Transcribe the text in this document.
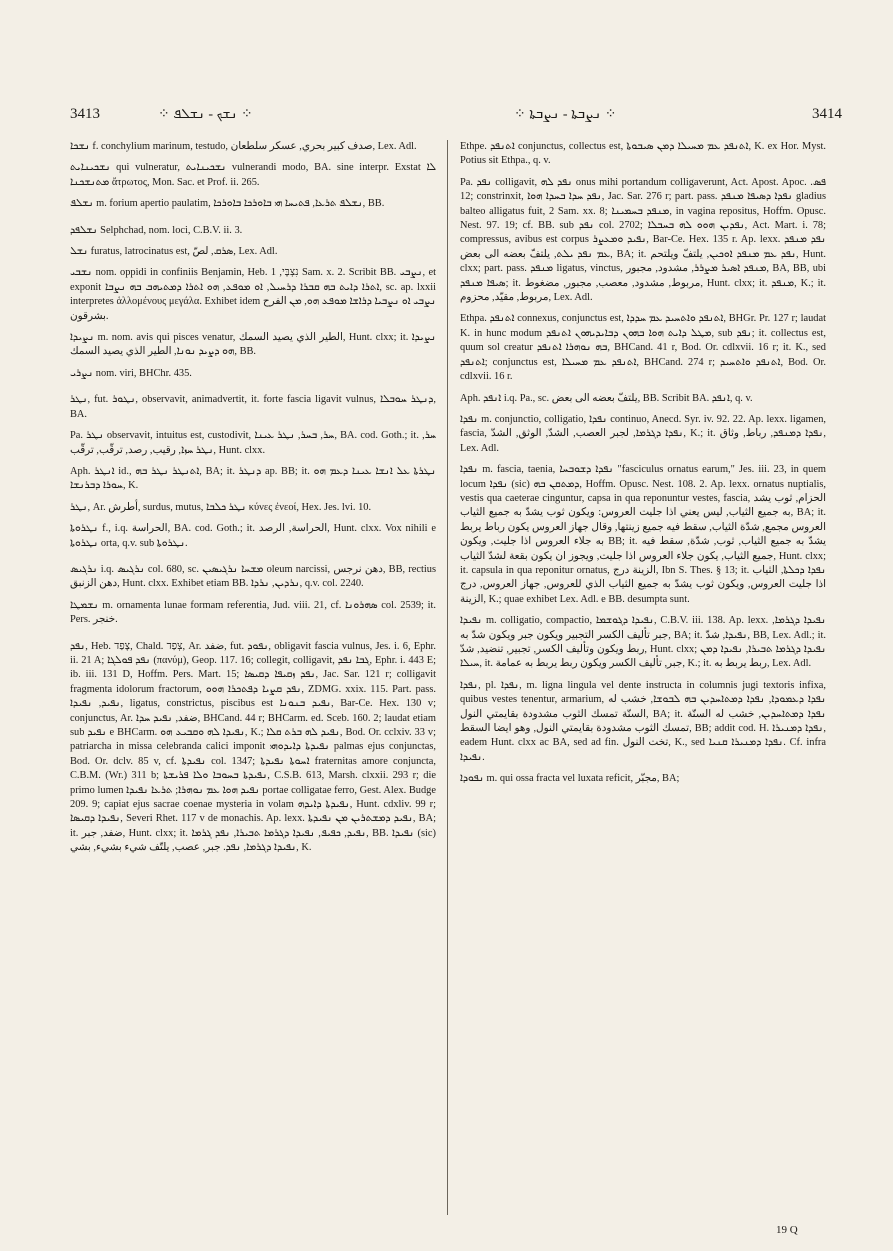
3413	⁘ ܢܫܟ - ܢܫܠܦ ⁘	⁘ ܢܨܒܬܐ - ܢܨܒܬܐ ⁘	3414

ܢܫܟܐ f. conchylium marinum, testudo, صدف كبير بحري, عسكر سلطعان, Lex. Adl.

ܢܫܟܝܢܐܝܬ qui vulneratur, ܢܫܟܝܢܐܝܬ vulnerandi modo, BA. sine interpr. Exstat ܠܐ ܡܬܢܫܟܢܐ ἄτρωτος, Mon. Sac. et Prof. ii. 265.

ܢܫܠܦ m. forium apertio paulatim, ܢܫܠܦ ܬܪܥܐ, ܦܬܝܚܐ ܗܝ ܒܐܘܪܟܐ ܒܐܘܪܟܐ, BB.

ܢܫܠܦܕ Selphchad, nom. loci, C.B.V. ii. 3.

ܢܫܠ furatus, latrocinatus est, ܣܪܩ, لصّ, Lex. Adl.

ܢܫܒܝ nom. oppidi in confiniis Benjamin, Heb. נִצְבָּי, 1 Sam. x. 2. Scribit BB. ܢܨܒܝ, et exponit ܐܬܪܐ ܕܐܝܬ ܒܗ ܩܒܪܐ ܕܪܚܝܠ, ܐܘ ܡܘܦܥ, ܗܘ ܐܬܪܐ ܕܡܬܝܗܒ ܒܗ ܢܨܒܐ, sc. ap. lxxii interpretes ἁλλομένους μεγάλα. Exhibet idem ܢܨܒܝ ܐܘ ܢܨܒܝܐ ܕܪܐܫܐ ܡܘܦܥ ܗܘ, ܡܢ الفرح بشرقون.

ܢܨܝܕܐ m. nom. avis qui pisces venatur, الطير الذي يصيد السمك, Hunt. clxx; it. ܢܨܝܕܐ ܗܘ ܕܨܝܕ ܢܘܢܐ, الطير الذي يصيد السمك, BB.

ܢܨܪܝ nom. viri, BHChr. 435.

ܢܛܪ, fut. ܢܛܘܪ, observavit, animadvertit, it. forte fascia ligavit vulnus, ܕܢܛܪ ܚܘܒܠܐ, BA.

Pa. ܢܛܪ observavit, intuitus est, custodivit, ܚܪ, ܒܚܪ, ܢܛܪ ܥܝܢܐ, BA. cod. Goth.; it. ܚܪ, ܢܛܪ ܚܙܐ, رقيب, رصد, ترقّب, ترقّب, Hunt. clxx.

Aph. ܐܢܛܪ id., ܐܬܢܛܪ ܢܛܪ ܒܗ, BA; it. ܕܢܛܪ ap. BB; it. ܢܛܪܬܐ ܥܠ ܐܢܫܐ ܥܝܢܐ ܕܥܡ ܗܘ ܚܘܪܐ ܕܒܪܢܫܐ, K.

ܢܛܪ, Ar. أطرش, surdus, mutus, ܢܛܪ ܟܠܒܐ κύνες ἐνεοί, Hex. Jes. lvi. 10.

ܢܛܪܘܬܐ f., i.q. الحراسة, BA. cod. Goth.; it. الحراسة, الرصد, Hunt. clxx. Vox nihili e ܢܛܪܘܬܐ orta, q.v. sub ܢܛܪܘܬܐ.

ܢܪܓܝܣ i.q. ܢܪܓܝܣ col. 680, sc. ܡܫܚܐ ܢܪܓܝܣܝܢ oleum narcissi, دهن نرجس, BB, rectius دهن الزنبق, Hunt. clxx. Exhibet etiam BB. ܢܪܕܝܢ, ܢܪܕܐ, q.v. col. 2240.

ܢܫܡܛܐ m. ornamenta lunae formam referentia, Jud. viii. 21, cf. ܣܗܪܘܢܐ col. 2539; it. Pers. خنجر.

ܢܦܕ, Heb. צָפַד, Chald. צְפַד, Ar. ضفد, fut. ܢܦܘܕ, obligavit fascia vulnus, Jes. i. 6, Ephr. ii. 21 A; ܢܦܕ ܦܘܠܓܐ (πανύμ), Geop. 117. 16; collegit, colligavit, ܓܒܐ ܢܦܕ, Ephr. i. 443 E; ib. iii. 131 D, Hoffm. Pers. Mart. 15; ܢܦܕ ܙܩܝܦܐ ܕܩܝܣܐ, Jac. Sar. 121 r; colligavit fragmenta idolorum fractorum, ܢܦܕ ܩܨܝܐ ܕܦܬܟܪܐ ܗܘܘ, ZDMG. xxix. 115. Part. pass. ܢܦܝܕ, ܢܦܝܕܐ, ligatus, constrictus, piscibus est ܢܦܝܕ ܒܢܘܢܐ, Bar-Ce. Hex. 130 v; conjunctus, Ar. ضفد, ܢܦܝܕ ܚܕܐ, BHCand. 44 r; BHCarm. ed. Sceb. 160. 2; laudat etiam sub ܢܦܝܕ e BHCarm. ܢܦܝܕܐ ܠܗ ܘܩܒܝܥ ܗܘ, K.; ܢܦܝܕ ܠܗ ܒܪܬ ܩܠܐ, Bod. Or. cclxiv. 33 v; patriarcha in missa celebranda calici imponit ܢܦܝܕܬܐ ܕܐܝܕܘܗܝ palmas ejus conjunctas, Bod. Or. dclv. 85 v, cf. ܢܦܝܕܬܐ col. 1347; ܐܚܘܬܐ ܢܦܝܕܬܐ fraternitas amore conjuncta, C.B.M. (Wr.) 311 b; ܢܦܝܕܬܐ ܒܚܘܒܐ ܘܠܐ ܦܪܝܫܬܐ, C.S.B. 613, Marsh. clxxii. 293 r; die primo lumen ܢܦܝܕ ܗܘܐ ܥܡ ܢܘܗܪܐ; ܬܪܥܐ ܢܦܝܕܐ portae colligatae ferro, Gest. Alex. Budge 209. 9; capiat ejus sacrae coenae mysteria in volam ܢܦܝܕܬܐ ܕܐܝܕܗ, Hunt. cdxliv. 99 r; ܢܦܝܕܐ ܕܩܝܣܐ, Severi Rhet. 117 v de monachis. Ap. lexx. ܢܦܝܕ ܕܡܫܬܪܝܢ ܡܢ ܢܦܝܕܬܐ, BA; it. ضفد, جبر, Hunt. clxx; it. ܢܦܝܕ, ܟܦܝܦ, ܢܦܝܕܐ ܕܓܪܡܐ ܬܒܝܪܐ, ܢܦܕ ܓܪܡܐ, BB. ܢܦܝܕܐ (sic) ܢܦܝܕܐ ܕܓܪܡܐ, ܢܦܕ. جبر, عصب, يلتّف شيء بشيء, بشي, K.

Ethpe. ܐܬܢܦܕ conjunctus, collectus est, ܐܬܢܦܕ ܥܡ ܡܚܝܠܐ ܕܡܢ ܣܝܒܘܬܐ, K. ex Hor. Myst. Potius sit Ethpa., q. v.

Pa. ܢܦܕ colligavit, ܢܦܕ ܠܗ onus mihi portandum colligaverunt, Act. Apost. Apoc. ܦܣ. 12; constrinxit, ܢܦܕ ܚܕܐ ܒܚܕܐ ܗܘܐ, Jac. Sar. 276 r; part. pass. ܢܦܕܐ ܕܣܝܦܐ ܡܢܦܕ gladius balteo alligatus fuit, 2 Sam. xx. 8; ܡܢܦܕ ܒܚܡܝܢܐ, in vagina repositus, Hoffm. Opusc. Nest. 97. 19; cf. BB. sub ܢܦܕ col. 2702; ܢܦܕܝܢ ܗܘܘ ܠܗ ܒܚܒܠܐ, Act. Mart. i. 78; compressus, avibus est corpus ܢܦܝܕ ܘܡܥܨܪ, Bar-Ce. Hex. 135 r. Ap. lexx. ܢܦܕ ܡܢܦܕ ܥܡ ܢܦܕ ܝܠܬ, يلتفّ بعضه الى بعض, BA; it. ܢܦܕ ܥܡ ܡܢܦܕ ܐܘܟܝܢ, يلتفّ ويلتحم, Hunt. clxx; part. pass. ܡܢܦܕ ligatus, vinctus, ܡܢܦܕ ܐܣܝܪ ܡܨܪܪ, مشدود, مجبور, BA, BB, ubi ܣܝܦܐ ܡܢܦܕ; it. مربوط, مشدود, معصب, مجبور, مضغوط, Hunt. clxx; it. ܡܢܦܕ, K.; it. مربوط, مقيّد, محزوم, Lex. Adl.

Ethpa. ܐܬܢܦܕ connexus, conjunctus est, ܐܬܢܦܕ ܘܐܬܚܝܕ ܥܡ ܚܕܕܐ, BHGr. Pr. 127 r; laudat K. in hunc modum ܡܛܠ ܕܐܝܬ ܗܘܐ ܒܗܘܢ ܕܒܐܝܕܝܗܘܢ ܐܬܢܦܕ, sub ܢܦܕ; it. collectus est, quum sol creatur ܒܗ ܢܘܗܪܐ ܐܬܢܦܕ, BHCand. 41 r, Bod. Or. cdlxvii. 16 r; it. K., sed ܐܬܢܦܕ; conjunctus est, ܐܬܢܦܕ ܥܡ ܡܚܝܠܐ, BHCand. 274 r; ܐܬܢܦܕ ܘܐܬܚܝܕ, Bod. Or. cdlxvii. 16 r.

Aph. ܐܢܦܕ i.q. Pa., sc. يلتفّ بعضه الى بعض, BB. Scribit BA. ܐܢܦܕ, q. v.

ܢܦܕܐ m. conjunctio, colligatio, ܢܦܕܐ continuo, Anecd. Syr. iv. 92. 22. Ap. lexx. ligamen, fascia, ܢܦܕܐ ܕܓܪܡܐ, لجبر العصب, الشدّ, الوثق, الشدّ, K.; it. ܢܦܕܐ ܕܡܢܦܕ, رباط, وثاق, Lex. Adl.

ܢܦܕܐ m. fascia, taenia, ܢܦܕܐ ܕܫܘܒܚܐ "fasciculus ornatus earum," Jes. iii. 23, in quem locum ܢܦܕܐ (sic) ܕܡܬܩܢ ܒܗ, Hoffm. Opusc. Nest. 108. 2. Ap. lexx. ornatus nuptialis, vestis qua caeterae cinguntur, capsa in qua reponuntur vestes, fascia, الحزام, ثوب يشد به جميع الثياب, ليس يعني اذا جليت العروس: ويكون ثوب يشدّ به جميع الثياب, BA; it. العروس مجمع, شدّة الثياب, سقط فيه جميع زينتها, وقال جهاز العروس يكون رباط يربط به جلاء العروس اذا جليت, ويكون BB; it. يشدّ به جميع الثياب, ثوب, شدّة, سقط فيه جميع الثياب, يكون جلاء العروس اذا جليت, ويجوز ان يكون بقعة لشدّ الثياب, Hunt. clxx; it. capsula in qua reponitur ornatus, الزينة درج, Ibn S. Thes. § 13; it. ܢܦܕܐ ܕܟܠܬܐ, الثياب اذا جليت العروس, ويكون ثوب يشدّ به جميع الثياب الذي للعروس, جهاز العروس, درج الزينة, K.; quae exhibet Lex. Adl. e BB. desumpta sunt.

ܢܦܝܕܐ m. colligatio, compactio, ܢܦܝܕܐ ܕܓܘܫܡܐ, C.B.V. iii. 138. Ap. lexx. ܢܦܝܕܐ ܕܓܪܡܐ, جبر تأليف الكسر التجبير ويكون جبر ويكون شدّ به, BA; it. ܢܦܝܕܐ, شدّ, BB, Lex. Adl.; it. ربط ويكون وتأليف الكسر, تجبير, تنضيد, شدّ, Hunt. clxx; ܢܦܝܕܐ ܕܓܪܡܐ ܬܒܝܪܐ, ܢܦܝܕܐ ܕܡܢ ܚܝܠܐ, it. جبر, تأليف الكسر ويكون ربط يربط به عمامة, K.; it. ربط يربط به, Lex. Adl.

ܢܦܕܐ, pl. ܢܦܕܐ, m. ligna lingula vel dente instructa in columnis jugi textoris infixa, quibus vestes tenentur, armarium, ܢܦܕܐ ܕܥܡܘܕܐ, ܢܦܕܐ ܕܡܬܐܚܕܝܢ ܒܗ ܠܒܘܫܐ, خشب له السنّة تمسك الثوب مشدودة بقايمتي النول, BA; it. ܢܦܕܐ ܕܡܬܐܚܕܝܢ, خشب له السنّة تمسك الثوب مشدودة بقايمتي النول, وهو ايضا السقط, BB; addit cod. H. ܢܦܕܐ ܕܡܢܝܪܐ, eadem Hunt. clxx ac BA, sed ad fin. تخت النول, K., sed ܢܦܕܐ ܕܡܢܝܪܐ ܩܢܝܐ. Cf. infra ܢܦܝܕܐ.

ܢܦܘܕܐ m. qui ossa fracta vel luxata reficit, مجبّر, BA;

19 Q
